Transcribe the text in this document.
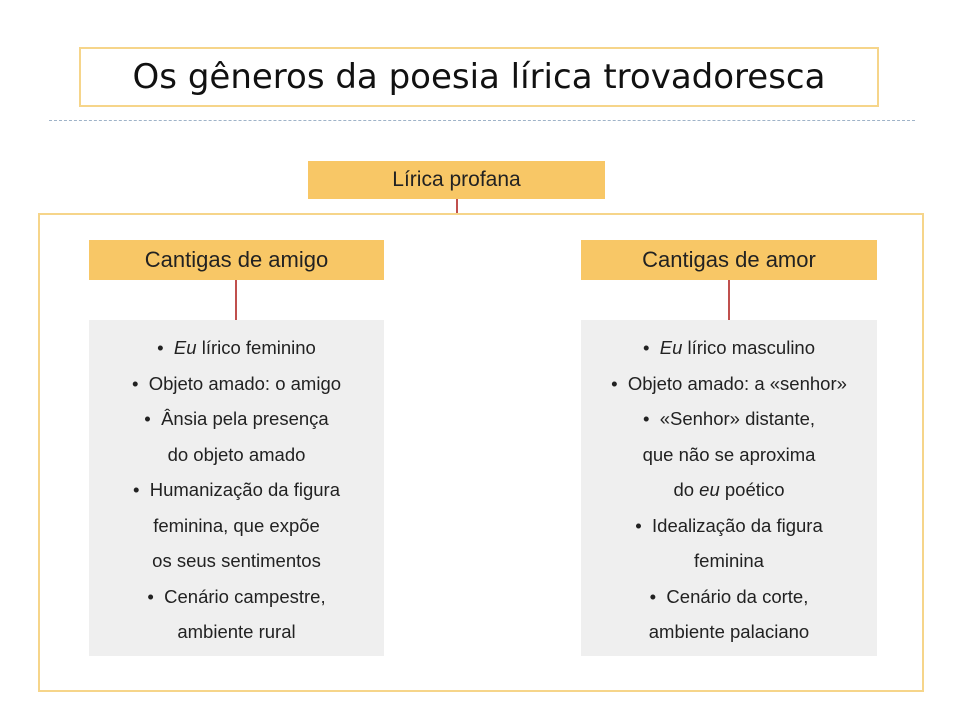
Os gêneros da poesia lírica trovadoresca
Lírica profana
Cantigas de amigo
•  Eu lírico feminino
•  Objeto amado: o amigo
•  Ânsia pela presença
do objeto amado
•  Humanização da figura
feminina, que expõe
os seus sentimentos
•  Cenário campestre,
ambiente rural
Cantigas de amor
•  Eu lírico masculino
•  Objeto amado: a «senhor»
•  «Senhor» distante,
que não se aproxima
do eu poético
•  Idealização da figura
feminina
•  Cenário da corte,
ambiente palaciano
